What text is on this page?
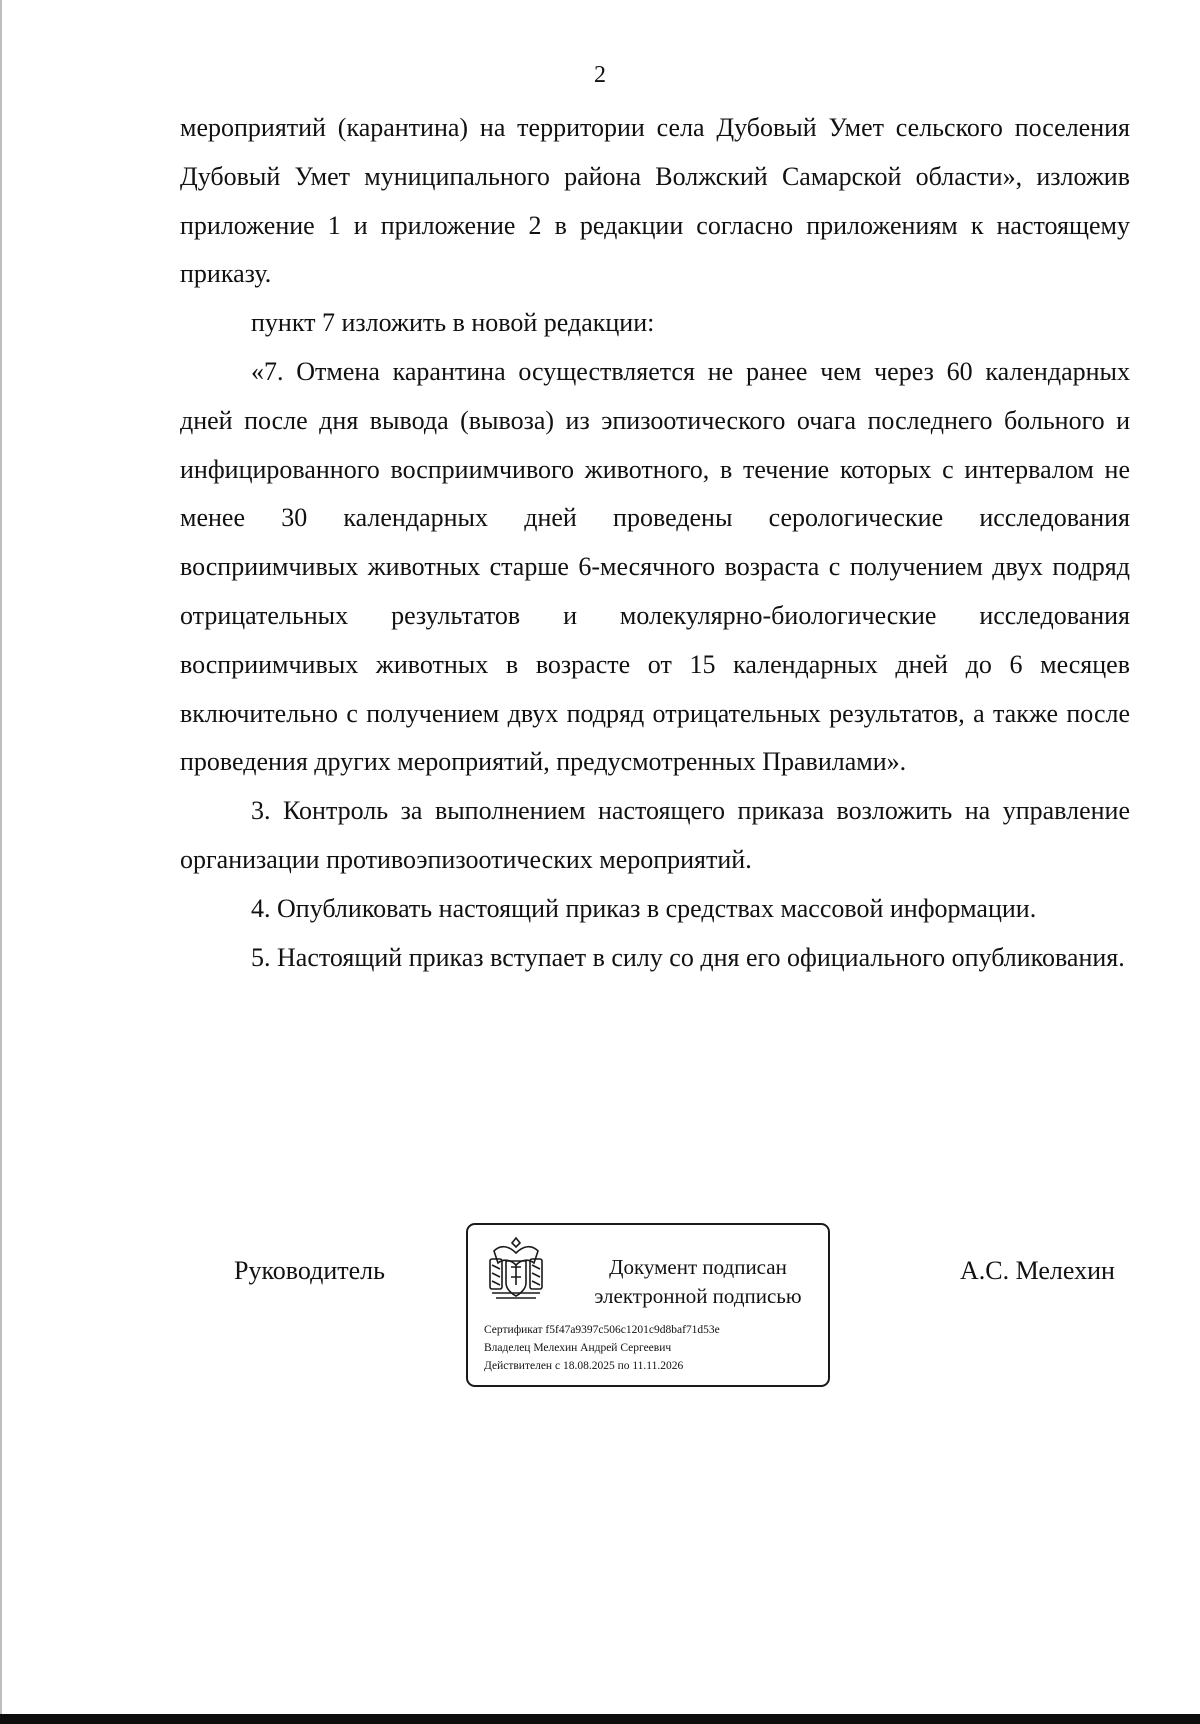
2

мероприятий (карантина) на территории села Дубовый Умет сельского поселения Дубовый Умет муниципального района Волжский Самарской области», изложив приложение 1 и приложение 2 в редакции согласно приложениям к настоящему приказу.

пункт 7 изложить в новой редакции:

«7. Отмена карантина осуществляется не ранее чем через 60 календарных дней после дня вывода (вывоза) из эпизоотического очага последнего больного и инфицированного восприимчивого животного, в течение которых с интервалом не менее 30 календарных дней проведены серологические исследования восприимчивых животных старше 6-месячного возраста с получением двух подряд отрицательных результатов и молекулярно-биологические исследования восприимчивых животных в возрасте от 15 календарных дней до 6 месяцев включительно с получением двух подряд отрицательных результатов, а также после проведения других мероприятий, предусмотренных Правилами».

3. Контроль за выполнением настоящего приказа возложить на управление организации противоэпизоотических мероприятий.

4. Опубликовать настоящий приказ в средствах массовой информации.

5. Настоящий приказ вступает в силу со дня его официального опубликования.

Руководитель	Документ подписан
электронной подписью
Сертификат f5f47a9397c506c1201c9d8baf71d53e
Владелец Мелехин Андрей Сергеевич
Действителен с 18.08.2025 по 11.11.2026
А.С. Мелехин
